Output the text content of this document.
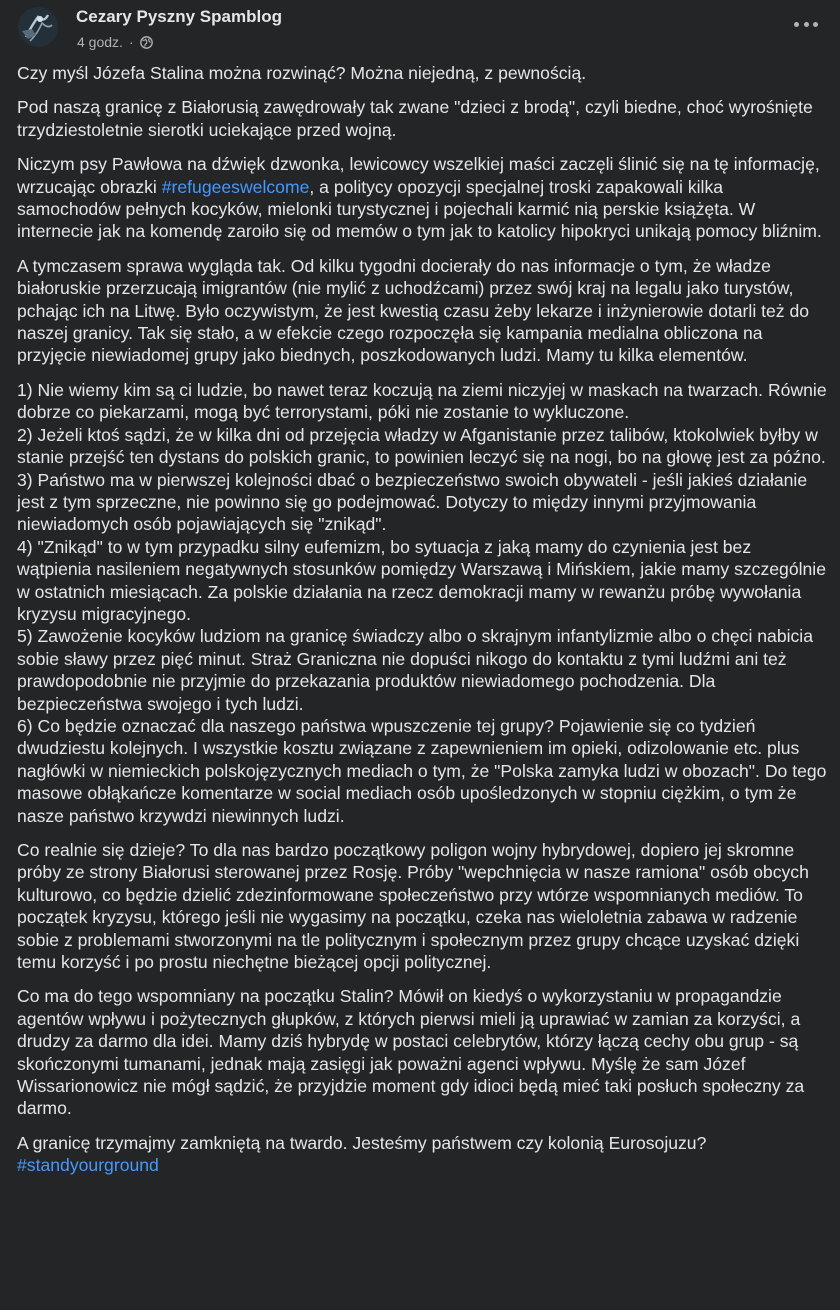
Cezary Pyszny Spamblog
4 godz. ·

Czy myśl Józefa Stalina można rozwinąć? Można niejedną, z pewnością.

Pod naszą granicę z Białorusią zawędrowały tak zwane "dzieci z brodą", czyli biedne, choć wyrośnięte trzydziestoletnie sierotki uciekające przed wojną.

Niczym psy Pawłowa na dźwięk dzwonka, lewicowcy wszelkiej maści zaczęli ślinić się na tę informację, wrzucając obrazki #refugeeswelcome, a politycy opozycji specjalnej troski zapakowali kilka samochodów pełnych kocyków, mielonki turystycznej i pojechali karmić nią perskie książęta. W internecie jak na komendę zaroiło się od memów o tym jak to katolicy hipokryci unikają pomocy bliźnim.

A tymczasem sprawa wygląda tak. Od kilku tygodni docierały do nas informacje o tym, że władze białoruskie przerzucają imigrantów (nie mylić z uchodźcami) przez swój kraj na legalu jako turystów, pchając ich na Litwę. Było oczywistym, że jest kwestią czasu żeby lekarze i inżynierowie dotarli też do naszej granicy. Tak się stało, a w efekcie czego rozpoczęła się kampania medialna obliczona na przyjęcie niewiadomej grupy jako biednych, poszkodowanych ludzi. Mamy tu kilka elementów.

1) Nie wiemy kim są ci ludzie, bo nawet teraz koczują na ziemi niczyjej w maskach na twarzach. Równie dobrze co piekarzami, mogą być terrorystami, póki nie zostanie to wykluczone.
2) Jeżeli ktoś sądzi, że w kilka dni od przejęcia władzy w Afganistanie przez talibów, ktokolwiek byłby w stanie przejść ten dystans do polskich granic, to powinien leczyć się na nogi, bo na głowę jest za późno.
3) Państwo ma w pierwszej kolejności dbać o bezpieczeństwo swoich obywateli - jeśli jakieś działanie jest z tym sprzeczne, nie powinno się go podejmować. Dotyczy to między innymi przyjmowania niewiadomych osób pojawiających się "znikąd".
4) "Znikąd" to w tym przypadku silny eufemizm, bo sytuacja z jaką mamy do czynienia jest bez wątpienia nasileniem negatywnych stosunków pomiędzy Warszawą i Mińskiem, jakie mamy szczególnie w ostatnich miesiącach. Za polskie działania na rzecz demokracji mamy w rewanżu próbę wywołania kryzysu migracyjnego.
5) Zawożenie kocyków ludziom na granicę świadczy albo o skrajnym infantylizmie albo o chęci nabicia sobie sławy przez pięć minut. Straż Graniczna nie dopuści nikogo do kontaktu z tymi ludźmi ani też prawdopodobnie nie przyjmie do przekazania produktów niewiadomego pochodzenia. Dla bezpieczeństwa swojego i tych ludzi.
6) Co będzie oznaczać dla naszego państwa wpuszczenie tej grupy? Pojawienie się co tydzień dwudziestu kolejnych. I wszystkie kosztu związane z zapewnieniem im opieki, odizolowanie etc. plus nagłówki w niemieckich polskojęzycznych mediach o tym, że "Polska zamyka ludzi w obozach". Do tego masowe obłąkańcze komentarze w social mediach osób upośledzonych w stopniu ciężkim, o tym że nasze państwo krzywdzi niewinnych ludzi.

Co realnie się dzieje? To dla nas bardzo początkowy poligon wojny hybrydowej, dopiero jej skromne próby ze strony Białorusi sterowanej przez Rosję. Próby "wepchnięcia w nasze ramiona" osób obcych kulturowo, co będzie dzielić zdezinformowane społeczeństwo przy wtórze wspomnianych mediów. To początek kryzysu, którego jeśli nie wygasimy na początku, czeka nas wieloletnia zabawa w radzenie sobie z problemami stworzonymi na tle politycznym i społecznym przez grupy chcące uzyskać dzięki temu korzyść i po prostu niechętne bieżącej opcji politycznej.

Co ma do tego wspomniany na początku Stalin? Mówił on kiedyś o wykorzystaniu w propagandzie agentów wpływu i pożytecznych głupków, z których pierwsi mieli ją uprawiać w zamian za korzyści, a drudzy za darmo dla idei. Mamy dziś hybrydę w postaci celebrytów, którzy łączą cechy obu grup - są skończonymi tumanami, jednak mają zasięgi jak poważni agenci wpływu. Myślę że sam Józef Wissarionowicz nie mógł sądzić, że przyjdzie moment gdy idioci będą mieć taki posłuch społeczny za darmo.

A granicę trzymajmy zamkniętą na twardo. Jesteśmy państwem czy kolonią Eurosojuzu?
#standyourground
